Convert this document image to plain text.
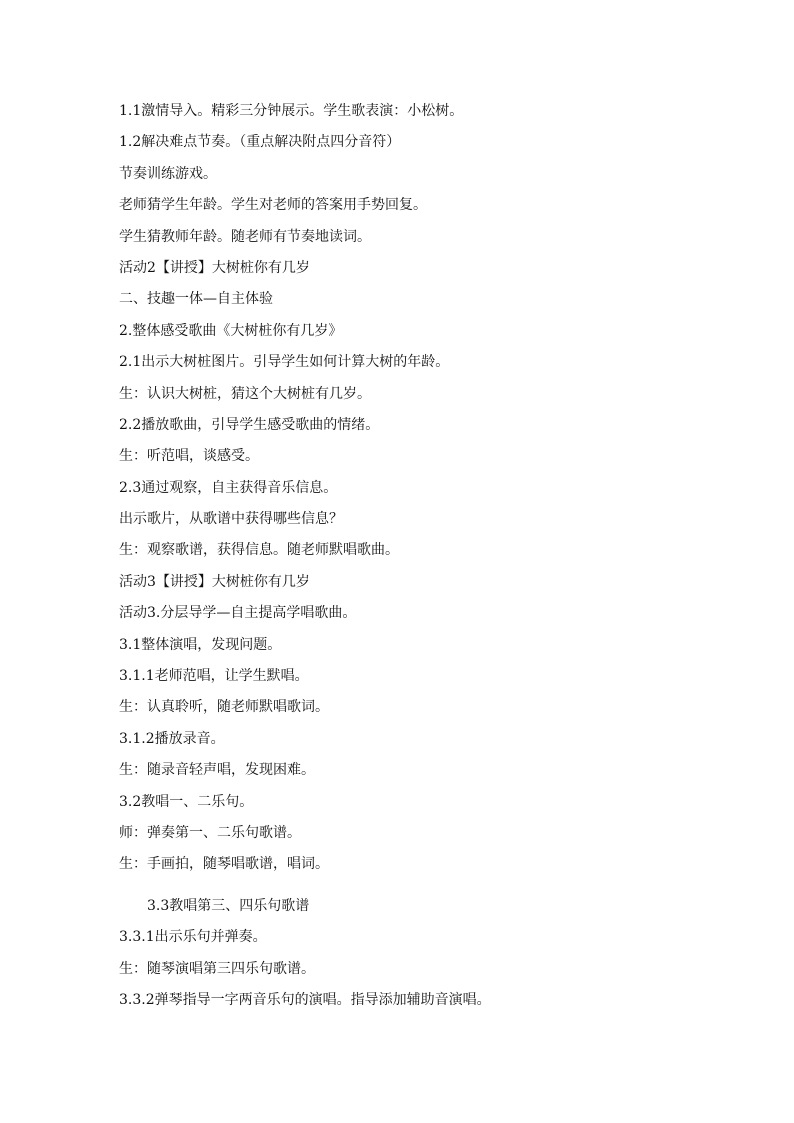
1.1激情导入。精彩三分钟展示。学生歌表演：小松树。
1.2解决难点节奏。（重点解决附点四分音符）
节奏训练游戏。
老师猜学生年龄。学生对老师的答案用手势回复。
学生猜教师年龄。随老师有节奏地读词。
活动2【讲授】大树桩你有几岁
二、技趣一体—自主体验
2.整体感受歌曲《大树桩你有几岁》
2.1出示大树桩图片。引导学生如何计算大树的年龄。
生：认识大树桩，猜这个大树桩有几岁。
2.2播放歌曲，引导学生感受歌曲的情绪。
生：听范唱，谈感受。
2.3通过观察，自主获得音乐信息。
出示歌片，从歌谱中获得哪些信息？
生：观察歌谱，获得信息。随老师默唱歌曲。
活动3【讲授】大树桩你有几岁
活动3.分层导学—自主提高学唱歌曲。
3.1整体演唱，发现问题。
3.1.1老师范唱，让学生默唱。
生：认真聆听，随老师默唱歌词。
3.1.2播放录音。
生：随录音轻声唱，发现困难。
3.2教唱一、二乐句。
师：弹奏第一、二乐句歌谱。
生：手画拍，随琴唱歌谱，唱词。
3.3教唱第三、四乐句歌谱
3.3.1出示乐句并弹奏。
生：随琴演唱第三四乐句歌谱。
3.3.2弹琴指导一字两音乐句的演唱。指导添加辅助音演唱。
